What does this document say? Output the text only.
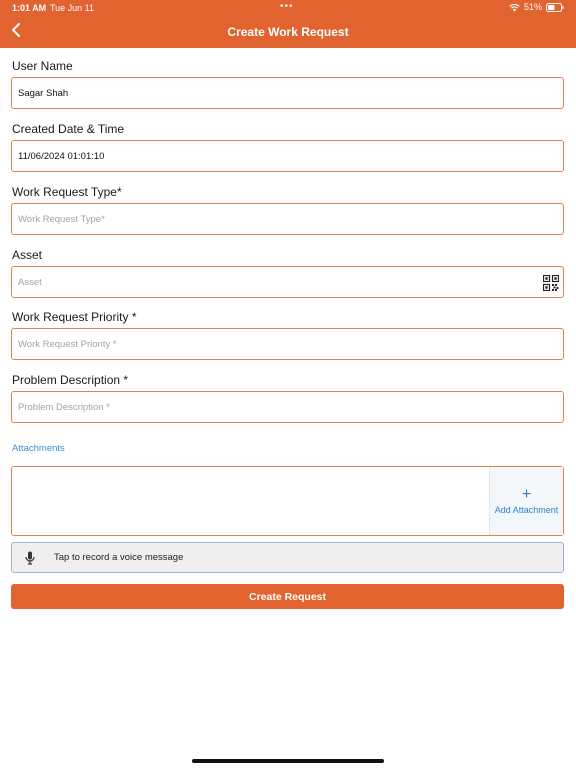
1:01 AM Tue Jun 11	•••	51%
Create Work Request
User Name
Sagar Shah
Created Date & Time
11/06/2024 01:01:10
Work Request Type*
Work Request Type*
Asset
Asset
Work Request Priority *
Work Request Priority *
Problem Description *
Problem Description *
Attachments
+
Add Attachment
Tap to record a voice message
Create Request
